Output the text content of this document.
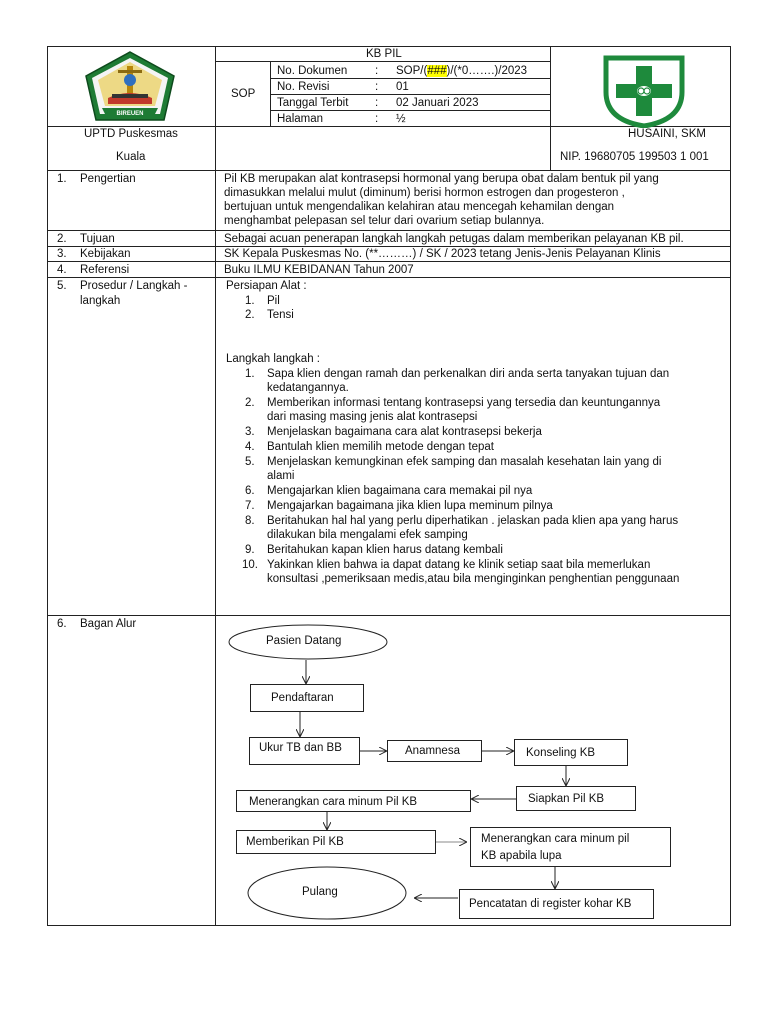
BIREUEN
KB PIL
SOP
No. Dokumen : SOP/(###)/(*0…….)/2023
No. Revisi	: 01
Tanggal Terbit : 02 Januari 2023
Halaman	: ½
UPTD Puskesmas
Kuala
HUSAINI, SKM
NIP. 19680705 199503 1 001
1. Pengertian	Pil KB merupakan alat kontrasepsi hormonal yang berupa obat dalam bentuk pil yang
dimasukkan melalui mulut (diminum) berisi hormon estrogen dan progesteron ,
bertujuan untuk mengendalikan kelahiran atau mencegah kehamilan dengan
menghambat pelepasan sel telur dari ovarium setiap bulannya.
2. Tujuan	Sebagai acuan penerapan langkah langkah petugas dalam memberikan pelayanan KB pil.
3. Kebijakan	SK Kepala Puskesmas No. (**………) / SK / 2023 tetang Jenis-Jenis Pelayanan Klinis
4. Referensi	Buku ILMU KEBIDANAN Tahun 2007
5. Prosedur / Langkah -
langkah
Persiapan Alat :
1. Pil
2. Tensi
Langkah langkah :
1. Sapa klien dengan ramah dan perkenalkan diri anda serta tanyakan tujuan dan
kedatangannya.
2. Memberikan informasi tentang kontrasepsi yang tersedia dan keuntungannya
dari masing masing jenis alat kontrasepsi
3. Menjelaskan bagaimana cara alat kontrasepsi bekerja
4. Bantulah klien memilih metode dengan tepat
5. Menjelaskan kemungkinan efek samping dan masalah kesehatan lain yang di
alami
6. Mengajarkan klien bagaimana cara memakai pil nya
7. Mengajarkan bagaimana jika klien lupa meminum pilnya
8. Beritahukan hal hal yang perlu diperhatikan . jelaskan pada klien apa yang harus
dilakukan bila mengalami efek samping
9. Beritahukan kapan klien harus datang kembali
10. Yakinkan klien bahwa ia dapat datang ke klinik setiap saat bila memerlukan
konsultasi ,pemeriksaan medis,atau bila menginginkan penghentian penggunaan
6. Bagan Alur
Pasien Datang
Pendaftaran
Ukur TB dan BB	Anamnesa	Konseling KB
Siapkan Pil KB
Menerangkan cara minum Pil KB
Memberikan Pil KB	Menerangkan cara minum pil
KB apabila lupa
Pulang
Pencatatan di register kohar KB
